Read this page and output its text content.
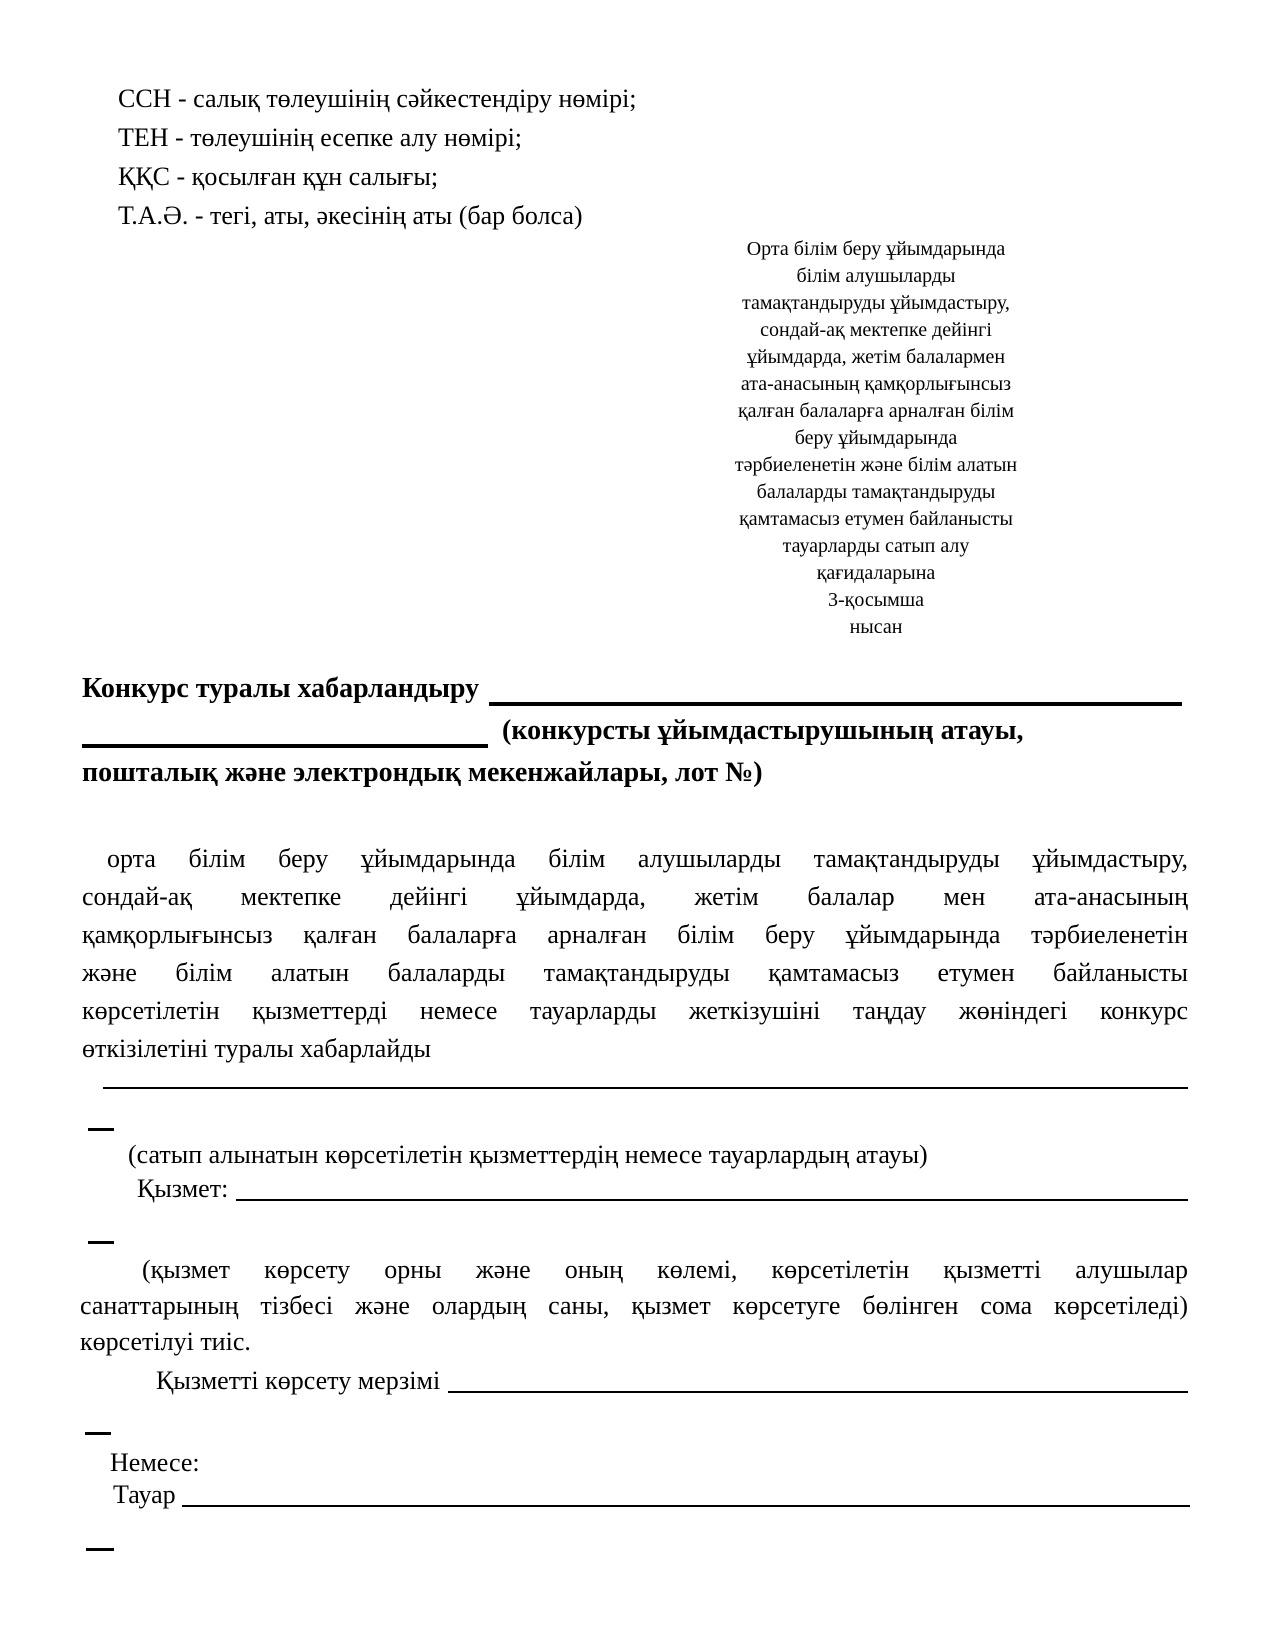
ССН - салық төлеушінің сәйкестендіру нөмірі;
ТЕН - төлеушінің есепке алу нөмірі;
ҚҚС - қосылған құн салығы;
Т.А.Ә. - тегі, аты, әкесінің аты (бар болса)
Орта білім беру ұйымдарында
білім алушыларды
тамақтандыруды ұйымдастыру,
сондай-ақ мектепке дейінгі
ұйымдарда, жетім балалармен
ата-анасының қамқорлығынсыз
қалған балаларға арналған білім
беру ұйымдарында
тәрбиеленетін және білім алатын
балаларды тамақтандыруды
қамтамасыз етумен байланысты
тауарларды сатып алу
қағидаларына
3-қосымша
нысан
Конкурс туралы хабарландыру
(конкурсты ұйымдастырушының атауы,
пошталық және электрондық мекенжайлары, лот №)
орта білім беру ұйымдарында білім алушыларды тамақтандыруды ұйымдастыру,
сондай-ақ мектепке дейінгі ұйымдарда, жетім балалар мен ата-анасының
қамқорлығынсыз қалған балаларға арналған білім беру ұйымдарында тәрбиеленетін
және білім алатын балаларды тамақтандыруды қамтамасыз етумен байланысты
көрсетілетін қызметтерді немесе тауарларды жеткізушіні таңдау жөніндегі конкурс
өткізілетіні туралы хабарлайды
(сатып алынатын көрсетілетін қызметтердің немесе тауарлардың атауы)
Қызмет:
(қызмет көрсету орны және оның көлемі, көрсетілетін қызметті алушылар
санаттарының тізбесі және олардың саны, қызмет көрсетуге бөлінген сома көрсетіледі)
көрсетілуі тиіс.
Қызметті көрсету мерзімі
Немесе:
Тауар
